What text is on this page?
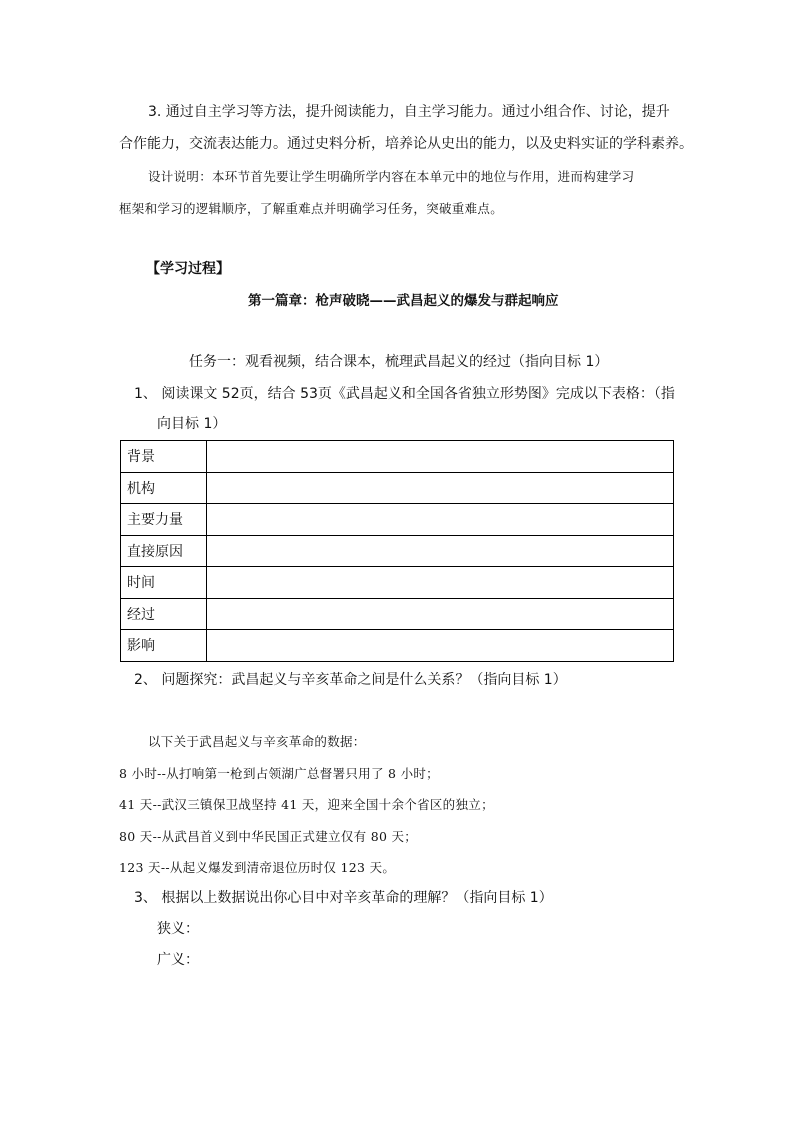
3. 通过自主学习等方法，提升阅读能力，自主学习能力。通过小组合作、讨论，提升
合作能力，交流表达能力。通过史料分析，培养论从史出的能力，以及史料实证的学科素养。
设计说明：本环节首先要让学生明确所学内容在本单元中的地位与作用，进而构建学习
框架和学习的逻辑顺序，了解重难点并明确学习任务，突破重难点。
【学习过程】
第一篇章：枪声破晓——武昌起义的爆发与群起响应
任务一：观看视频，结合课本，梳理武昌起义的经过（指向目标 1）
1、 阅读课文 52页，结合 53页《武昌起义和全国各省独立形势图》完成以下表格：（指
向目标 1）
背景	
机构	
主要力量	
直接原因	
时间	
经过	
影响	
2、 问题探究：武昌起义与辛亥革命之间是什么关系？（指向目标 1）
以下关于武昌起义与辛亥革命的数据：
8 小时--从打响第一枪到占领湖广总督署只用了 8 小时；
41 天--武汉三镇保卫战坚持 41 天，迎来全国十余个省区的独立；
80 天--从武昌首义到中华民国正式建立仅有 80 天；
123 天--从起义爆发到清帝退位历时仅 123 天。
3、 根据以上数据说出你心目中对辛亥革命的理解？（指向目标 1）
狭义：
广义：
